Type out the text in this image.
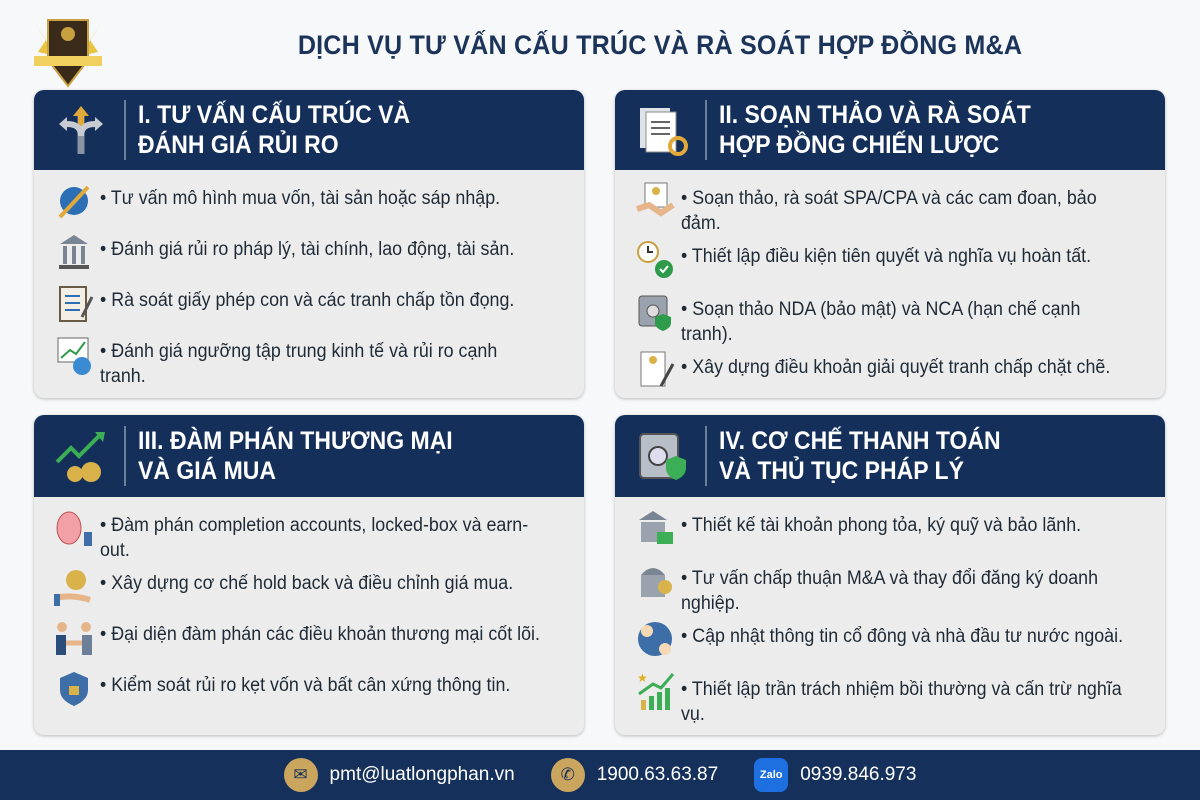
DỊCH VỤ TƯ VẤN CẤU TRÚC VÀ RÀ SOÁT HỢP ĐỒNG M&A
I. TƯ VẤN CẤU TRÚC VÀ
ĐÁNH GIÁ RỦI RO
• Tư vấn mô hình mua vốn, tài sản hoặc sáp nhập.
• Đánh giá rủi ro pháp lý, tài chính, lao động, tài sản.
• Rà soát giấy phép con và các tranh chấp tồn đọng.
• Đánh giá ngưỡng tập trung kinh tế và rủi ro cạnh tranh.
II. SOẠN THẢO VÀ RÀ SOÁT
HỢP ĐỒNG CHIẾN LƯỢC
• Soạn thảo, rà soát SPA/CPA và các cam đoan, bảo đảm.
• Thiết lập điều kiện tiên quyết và nghĩa vụ hoàn tất.
• Soạn thảo NDA (bảo mật) và NCA (hạn chế cạnh tranh).
• Xây dựng điều khoản giải quyết tranh chấp chặt chẽ.
III. ĐÀM PHÁN THƯƠNG MẠI
VÀ GIÁ MUA
• Đàm phán completion accounts, locked-box và earn-out.
• Xây dựng cơ chế hold back và điều chỉnh giá mua.
• Đại diện đàm phán các điều khoản thương mại cốt lõi.
• Kiểm soát rủi ro kẹt vốn và bất cân xứng thông tin.
IV. CƠ CHẾ THANH TOÁN
VÀ THỦ TỤC PHÁP LÝ
• Thiết kế tài khoản phong tỏa, ký quỹ và bảo lãnh.
• Tư vấn chấp thuận M&A và thay đổi đăng ký doanh nghiệp.
• Cập nhật thông tin cổ đông và nhà đầu tư nước ngoài.
★
• Thiết lập trần trách nhiệm bồi thường và cấn trừ nghĩa vụ.
✉	pmt@luatlongphan.vn	✆	1900.63.63.87	Zalo 0939.846.973
